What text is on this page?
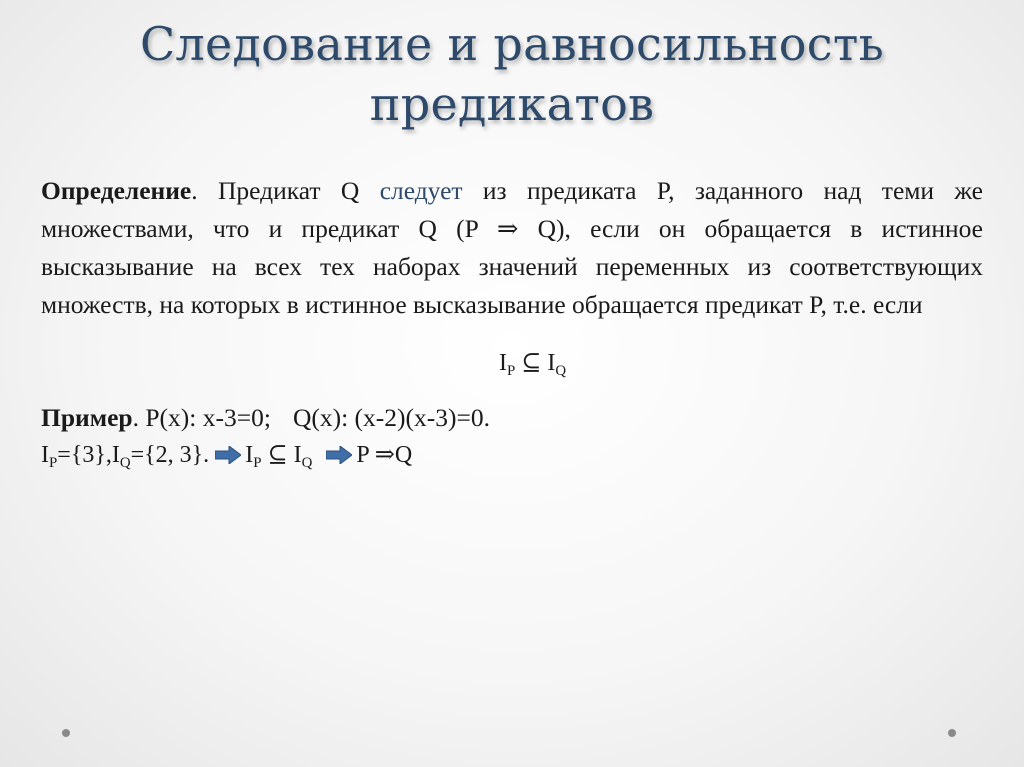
Следование и равносильность
предикатов

Определение. Предикат Q следует из предиката P, заданного над теми же множествами, что и предикат Q (P ⇒ Q), если он обращается в истинное высказывание на всех тех наборах значений переменных из соответствующих множеств, на которых в истинное высказывание обращается предикат P, т.е. если

$I_P$ ⊆ $I_Q$
Пример. P(x): x-3=0; Q(x): (x-2)(x-3)=0.
$I_P=\{3\},I_Q=\{2$, 3}. $I_P$ ⊆ $I_Q$ P ⇒Q
